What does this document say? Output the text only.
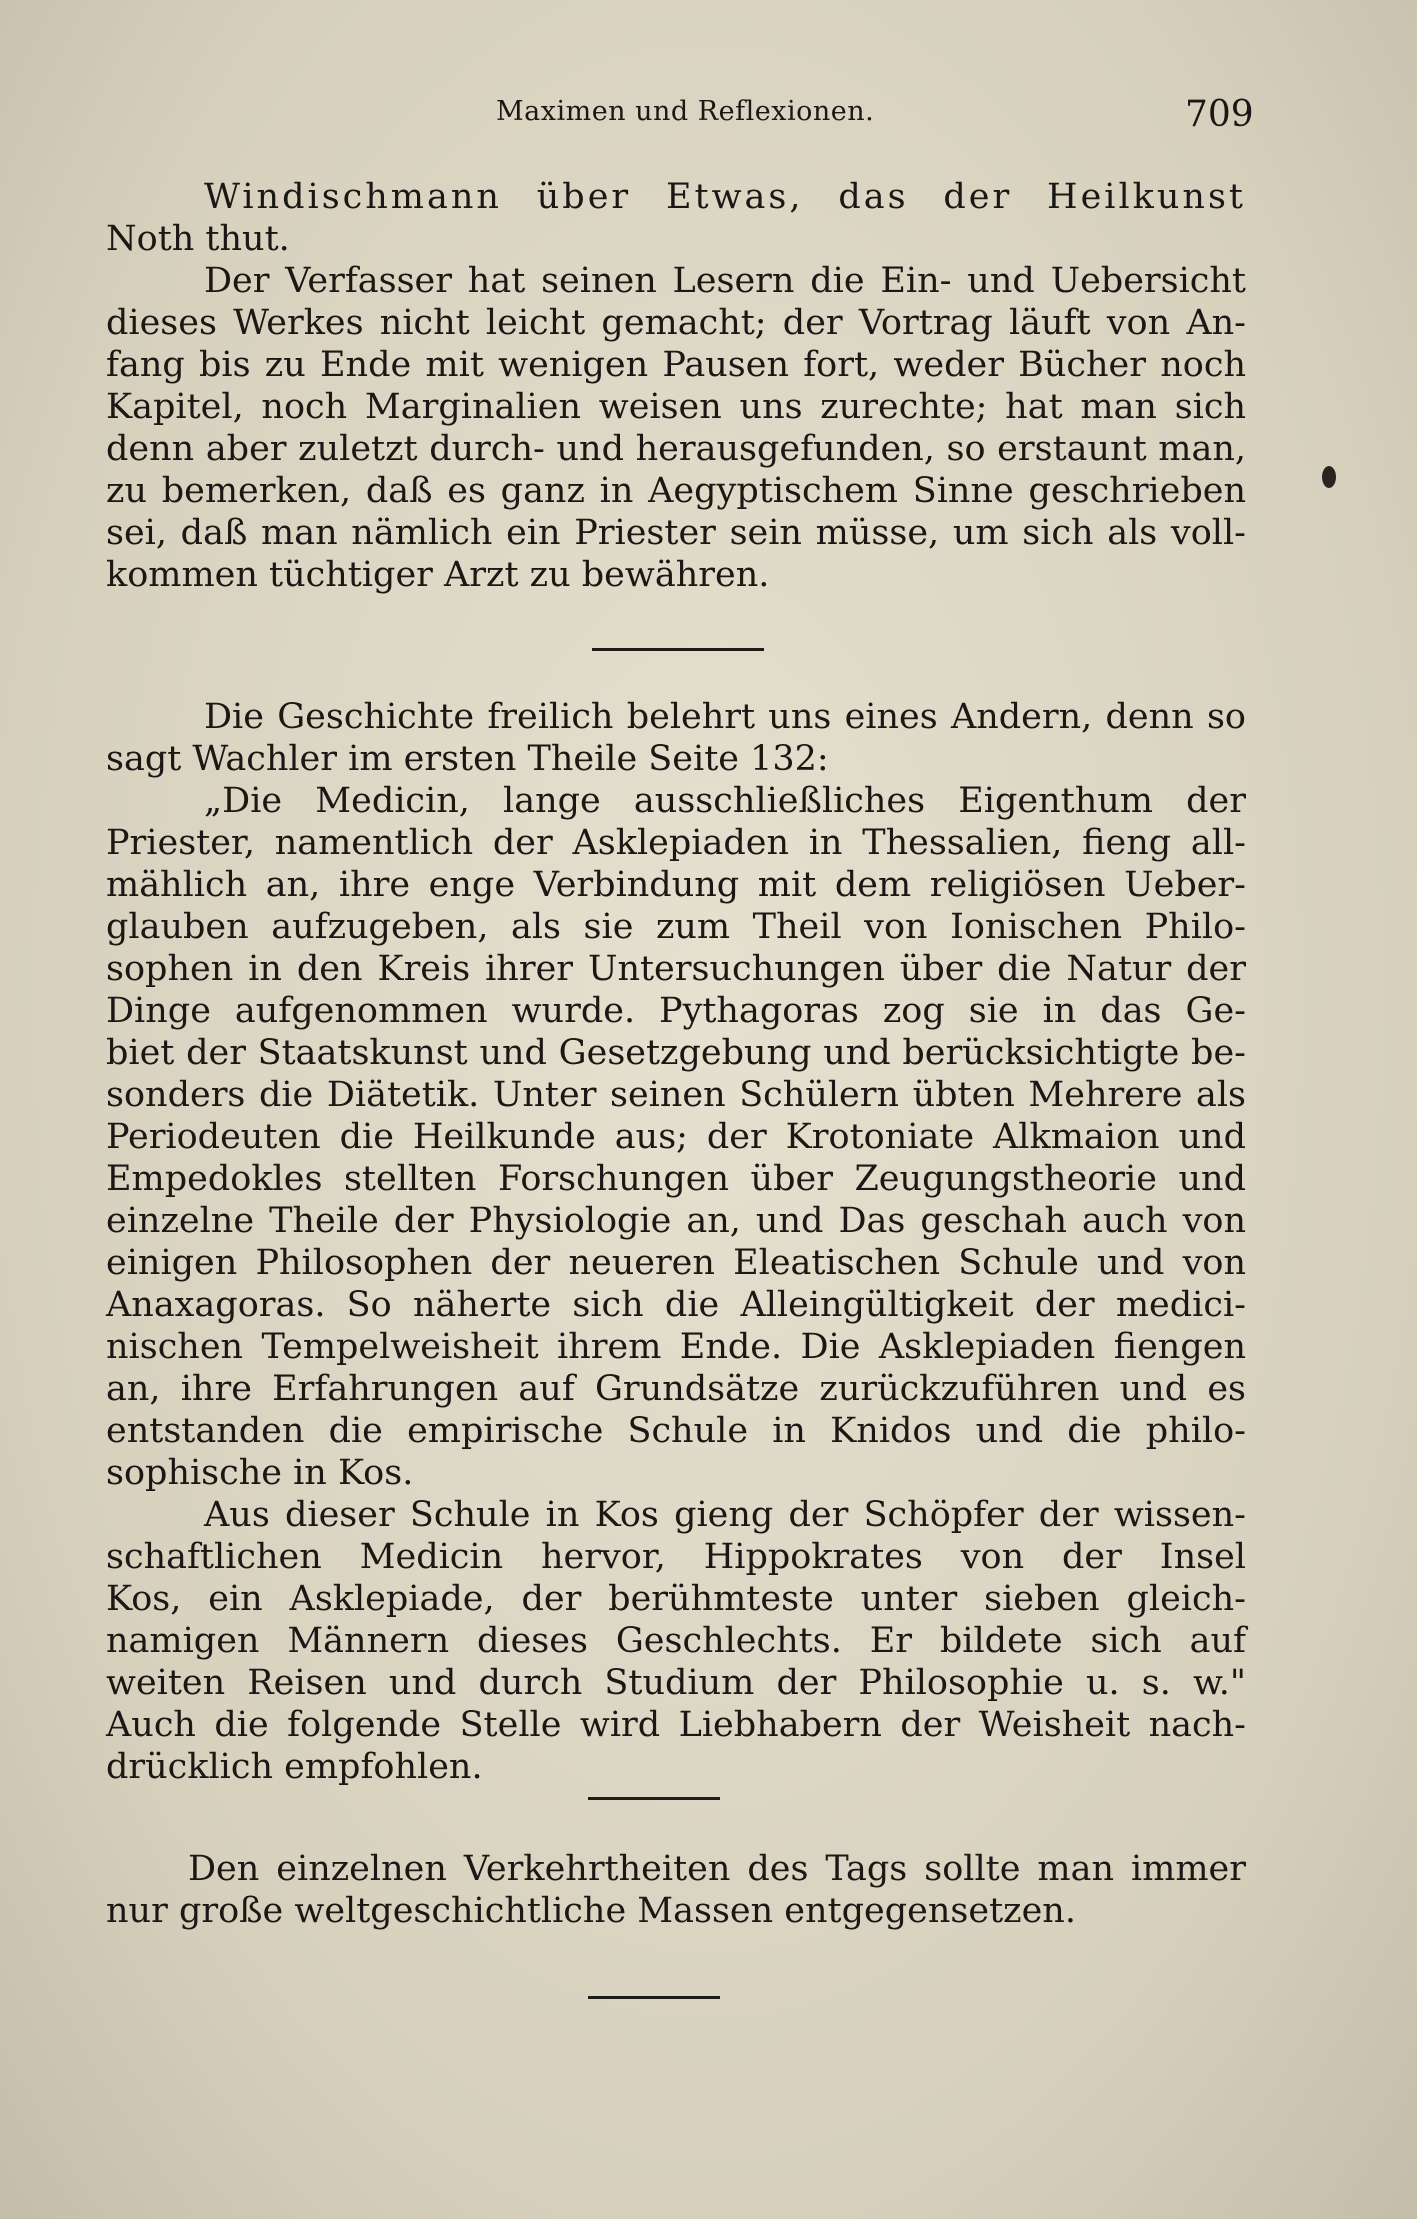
Maximen und Reflexionen.	709
Windischmann über Etwas, das der Heilkunst
Noth thut.
Der Verfasser hat seinen Lesern die Ein- und Uebersicht
dieses Werkes nicht leicht gemacht; der Vortrag läuft von An-
fang bis zu Ende mit wenigen Pausen fort, weder Bücher noch
Kapitel, noch Marginalien weisen uns zurechte; hat man sich
denn aber zuletzt durch- und herausgefunden, so erstaunt man,
zu bemerken, daß es ganz in Aegyptischem Sinne geschrieben
sei, daß man nämlich ein Priester sein müsse, um sich als voll-
kommen tüchtiger Arzt zu bewähren.
Die Geschichte freilich belehrt uns eines Andern, denn so
sagt Wachler im ersten Theile Seite 132:
„Die Medicin, lange ausschließliches Eigenthum der
Priester, namentlich der Asklepiaden in Thessalien, fieng all-
mählich an, ihre enge Verbindung mit dem religiösen Ueber-
glauben aufzugeben, als sie zum Theil von Ionischen Philo-
sophen in den Kreis ihrer Untersuchungen über die Natur der
Dinge aufgenommen wurde. Pythagoras zog sie in das Ge-
biet der Staatskunst und Gesetzgebung und berücksichtigte be-
sonders die Diätetik. Unter seinen Schülern übten Mehrere als
Periodeuten die Heilkunde aus; der Krotoniate Alkmaion und
Empedokles stellten Forschungen über Zeugungstheorie und
einzelne Theile der Physiologie an, und Das geschah auch von
einigen Philosophen der neueren Eleatischen Schule und von
Anaxagoras. So näherte sich die Alleingültigkeit der medici-
nischen Tempelweisheit ihrem Ende. Die Asklepiaden fiengen
an, ihre Erfahrungen auf Grundsätze zurückzuführen und es
entstanden die empirische Schule in Knidos und die philo-
sophische in Kos.
Aus dieser Schule in Kos gieng der Schöpfer der wissen-
schaftlichen Medicin hervor, Hippokrates von der Insel
Kos, ein Asklepiade, der berühmteste unter sieben gleich-
namigen Männern dieses Geschlechts. Er bildete sich auf
weiten Reisen und durch Studium der Philosophie u. s. w."
Auch die folgende Stelle wird Liebhabern der Weisheit nach-
drücklich empfohlen.
Den einzelnen Verkehrtheiten des Tags sollte man immer
nur große weltgeschichtliche Massen entgegensetzen.
